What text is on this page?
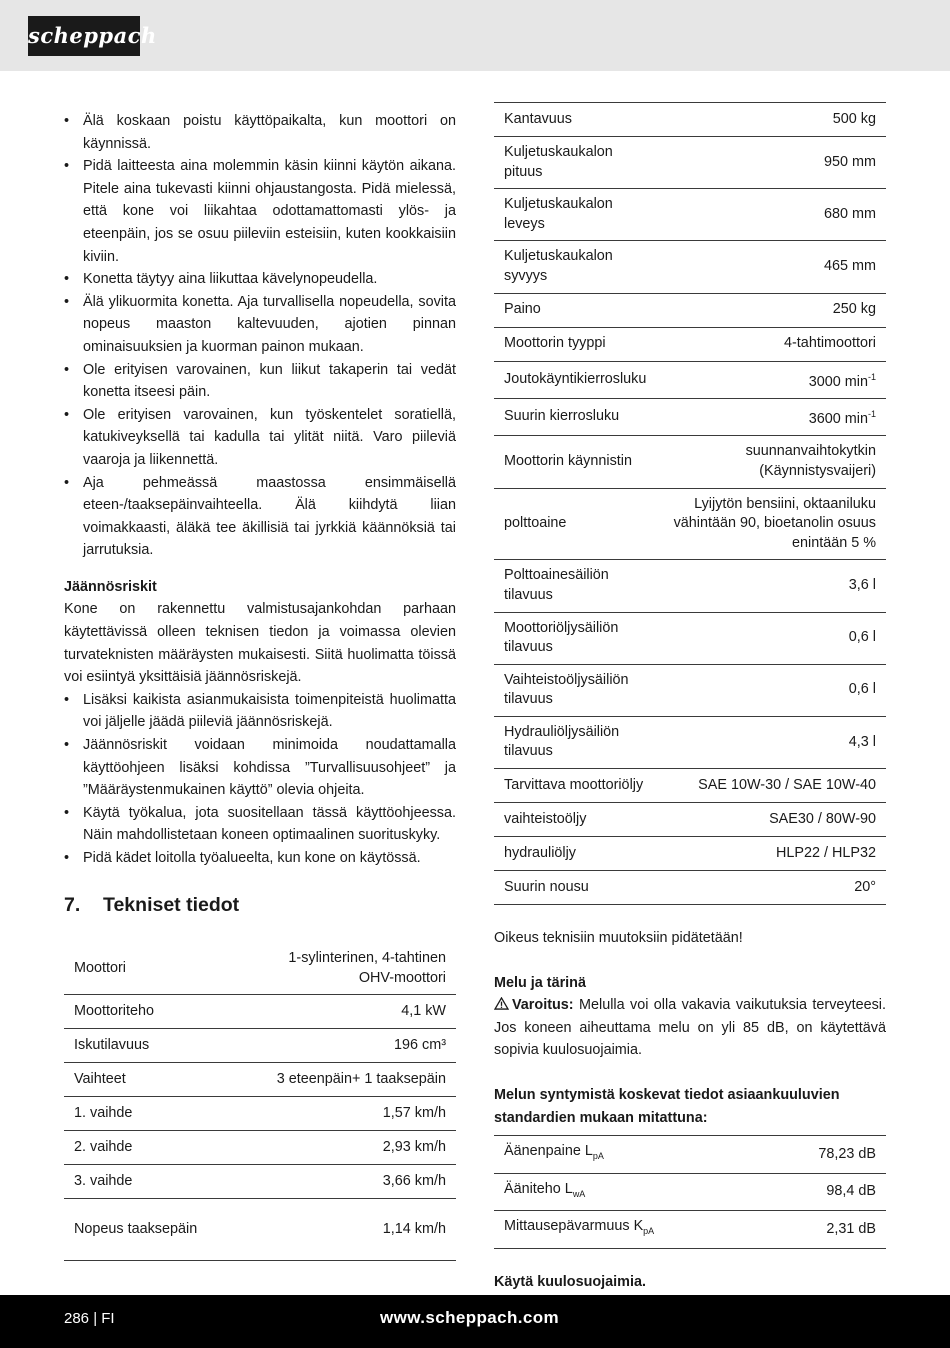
scheppach
• Älä koskaan poistu käyttöpaikalta, kun moottori on käynnissä.
• Pidä laitteesta aina molemmin käsin kiinni käytön aikana. Pitele aina tukevasti kiinni ohjaustangosta. Pidä mielessä, että kone voi liikahtaa odottamattomasti ylös- ja eteenpäin, jos se osuu piileviin esteisiin, kuten kookkaisiin kiviin.
• Konetta täytyy aina liikuttaa kävelynopeudella.
• Älä ylikuormita konetta. Aja turvallisella nopeudella, sovita nopeus maaston kaltevuuden, ajotien pinnan ominaisuuksien ja kuorman painon mukaan.
• Ole erityisen varovainen, kun liikut takaperin tai vedät konetta itseesi päin.
• Ole erityisen varovainen, kun työskentelet soratiellä, katukiveyksellä tai kadulla tai ylität niitä. Varo piileviä vaaroja ja liikennettä.
• Aja pehmeässä maastossa ensimmäisellä eteen-/taaksepäinvaihteella. Älä kiihdytä liian voimakkaasti, äläkä tee äkillisiä tai jyrkkiä käännöksiä tai jarrutuksia.
Jäännösriskit

Kone on rakennettu valmistusajankohdan parhaan käytettävissä olleen teknisen tiedon ja voimassa olevien turvateknisten määräysten mukaisesti. Siitä huolimatta töissä voi esiintyä yksittäisiä jäännösriskejä.

• Lisäksi kaikista asianmukaisista toimenpiteistä huolimatta voi jäljelle jäädä piileviä jäännösriskejä.
• Jäännösriskit voidaan minimoida noudattamalla käyttöohjeen lisäksi kohdissa ”Turvallisuusohjeet” ja ”Määräystenmukainen käyttö” olevia ohjeita.
• Käytä työkalua, jota suositellaan tässä käyttöohjeessa. Näin mahdollistetaan koneen optimaalinen suorituskyky.
• Pidä kädet loitolla työalueelta, kun kone on käytössä.
7.	Tekniset tiedot
Moottori	1-sylinterinen, 4-tahtinen OHV-moottori
Moottoriteho	4,1 kW
Iskutilavuus	196 cm³
Vaihteet	3 eteenpäin+ 1 taaksepäin
1. vaihde	1,57 km/h
2. vaihde	2,93 km/h
3. vaihde	3,66 km/h
Nopeus taaksepäin	1,14 km/h
Kantavuus	500 kg
Kuljetuskaukalon pituus	950 mm
Kuljetuskaukalon leveys	680 mm
Kuljetuskaukalon syvyys	465 mm
Paino	250 kg
Moottorin tyyppi	4-tahtimoottori
Joutokäyntikierrosluku	3000 $\min^{-1}$
Suurin kierrosluku	3600 $\min^{-1}$
Moottorin käynnistin	suunnanvaihtokytkin (Käynnistysvaijeri)
polttoaine	Lyijytön bensiini, oktaaniluku vähintään 90, bioetanolin osuus enintään 5 %
Polttoainesäiliön tilavuus	3,6 l
Moottoriöljysäiliön tilavuus	0,6 l
Vaihteistoöljysäiliön tilavuus	0,6 l
Hydrauliöljysäiliön tilavuus	4,3 l
Tarvittava moottoriöljy	SAE 10W-30 / SAE 10W-40
vaihteistoöljy	SAE30 / 80W-90
hydrauliöljy	HLP22 / HLP32
Suurin nousu	20°

Oikeus teknisiin muutoksiin pidätetään!

Melu ja tärinä

Varoitus: Melulla voi olla vakavia vaikutuksia terveyteesi. Jos koneen aiheuttama melu on yli 85 dB, on käytettävä sopivia kuulosuojaimia.

Melun syntymistä koskevat tiedot asiaankuuluvien standardien mukaan mitattuna:
Äänenpaine $L_{pA}$	78,23 dB
Ääniteho $L_{wA}$	98,4 dB
Mittausepävarmuus $K_{pA}$	2,31 dB
Käytä kuulosuojaimia.

286 | FI	www.scheppach.com
